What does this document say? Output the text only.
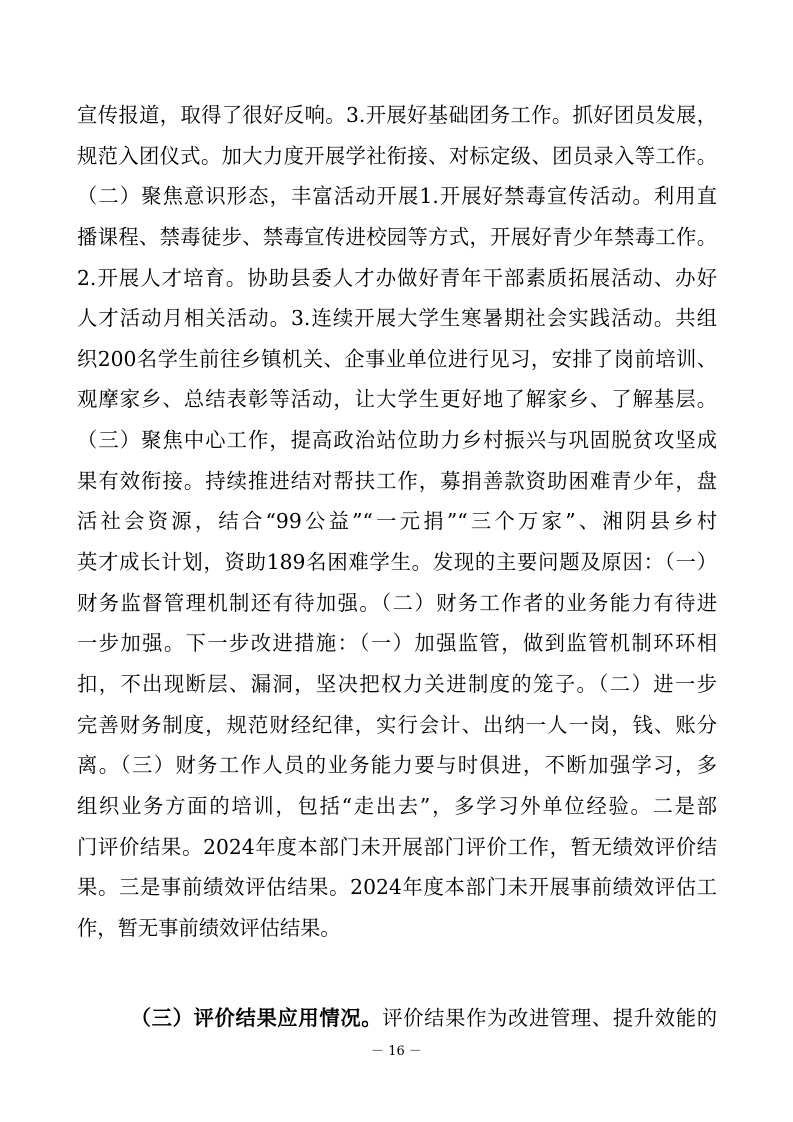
宣传报道，取得了很好反响。3.开展好基础团务工作。抓好团员发展，
规范入团仪式。加大力度开展学社衔接、对标定级、团员录入等工作。
（二）聚焦意识形态，丰富活动开展1.开展好禁毒宣传活动。利用直
播课程、禁毒徒步、禁毒宣传进校园等方式，开展好青少年禁毒工作。
2.开展人才培育。协助县委人才办做好青年干部素质拓展活动、办好
人才活动月相关活动。3.连续开展大学生寒暑期社会实践活动。共组
织200名学生前往乡镇机关、企事业单位进行见习，安排了岗前培训、
观摩家乡、总结表彰等活动，让大学生更好地了解家乡、了解基层。
（三）聚焦中心工作，提高政治站位助力乡村振兴与巩固脱贫攻坚成
果有效衔接。持续推进结对帮扶工作，募捐善款资助困难青少年，盘
活社会资源，结合“99公益”“一元捐”“三个万家”、湘阴县乡村
英才成长计划，资助189名困难学生。发现的主要问题及原因：（一）
财务监督管理机制还有待加强。（二）财务工作者的业务能力有待进
一步加强。下一步改进措施：（一）加强监管，做到监管机制环环相
扣，不出现断层、漏洞，坚决把权力关进制度的笼子。（二）进一步
完善财务制度，规范财经纪律，实行会计、出纳一人一岗，钱、账分
离。（三）财务工作人员的业务能力要与时俱进，不断加强学习，多
组织业务方面的培训，包括“走出去”，多学习外单位经验。二是部
门评价结果。2024年度本部门未开展部门评价工作，暂无绩效评价结
果。三是事前绩效评估结果。2024年度本部门未开展事前绩效评估工
作，暂无事前绩效评估结果。
（三）评价结果应用情况。评价结果作为改进管理、提升效能的
－ 16 －
